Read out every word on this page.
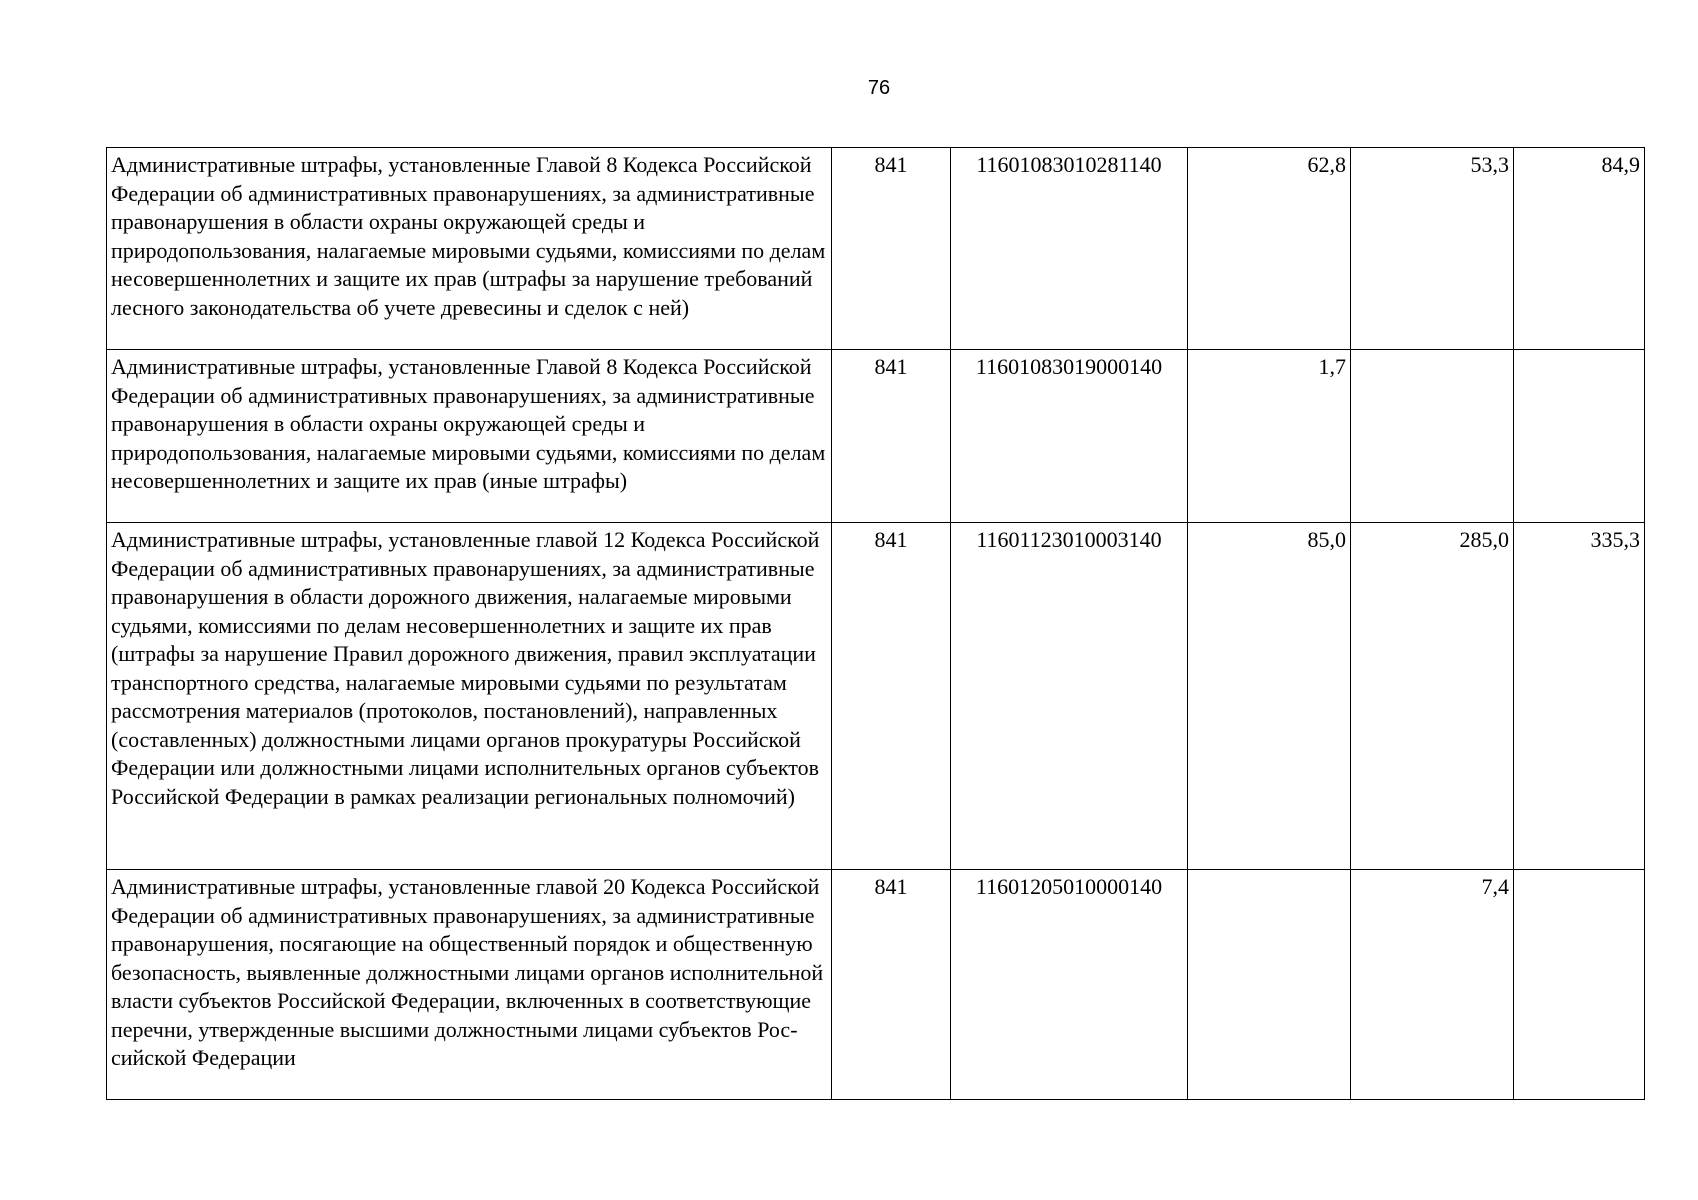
76
Административные штрафы, установленные Главой 8 Кодекса Российской Федерации об административных правонарушениях, за административные правонарушения в области охраны окружающей среды и природопользования, налагаемые мировыми судьями, комиссиями по делам несовершеннолетних и защите их прав (штрафы за нарушение требований лесного законодательства об учете древесины и сделок с ней)	841	11601083010281140	62,8	53,3	84,9
Административные штрафы, установленные Главой 8 Кодекса Российской Федерации об административных правонарушениях, за административные правонарушения в области охраны окружающей среды и природопользования, налагаемые мировыми судьями, комиссиями по делам несовершеннолетних и защите их прав (иные штрафы)	841	11601083019000140	1,7		
Административные штрафы, установленные главой 12 Кодекса Российской Федерации об административных правонарушениях, за административные правонарушения в области дорожного движения, налагаемые мировыми судьями, комиссиями по делам несовершеннолетних и защите их прав (штрафы за нарушение Правил дорожного движения, правил эксплуатации транспортного средства, налагаемые мировыми судьями по результатам рассмотрения материалов (протоколов, постановлений), направленных (составленных) должностными лицами органов прокуратуры Российской Федерации или должностными лицами исполнительных органов субъектов Российской Федерации в рамках реализации региональных полномочий)	841	11601123010003140	85,0	285,0	335,3
Административные штрафы, установленные главой 20 Кодекса Российской Федерации об административных правонарушениях, за административные правонарушения, посягающие на общественный порядок и общественную безопасность, выявленные должностными лицами органов исполнительной власти субъектов Российской Федерации, включенных в соответствующие перечни, утвержденные высшими должностными лицами субъектов Российской Федерации	841	11601205010000140		7,4	
